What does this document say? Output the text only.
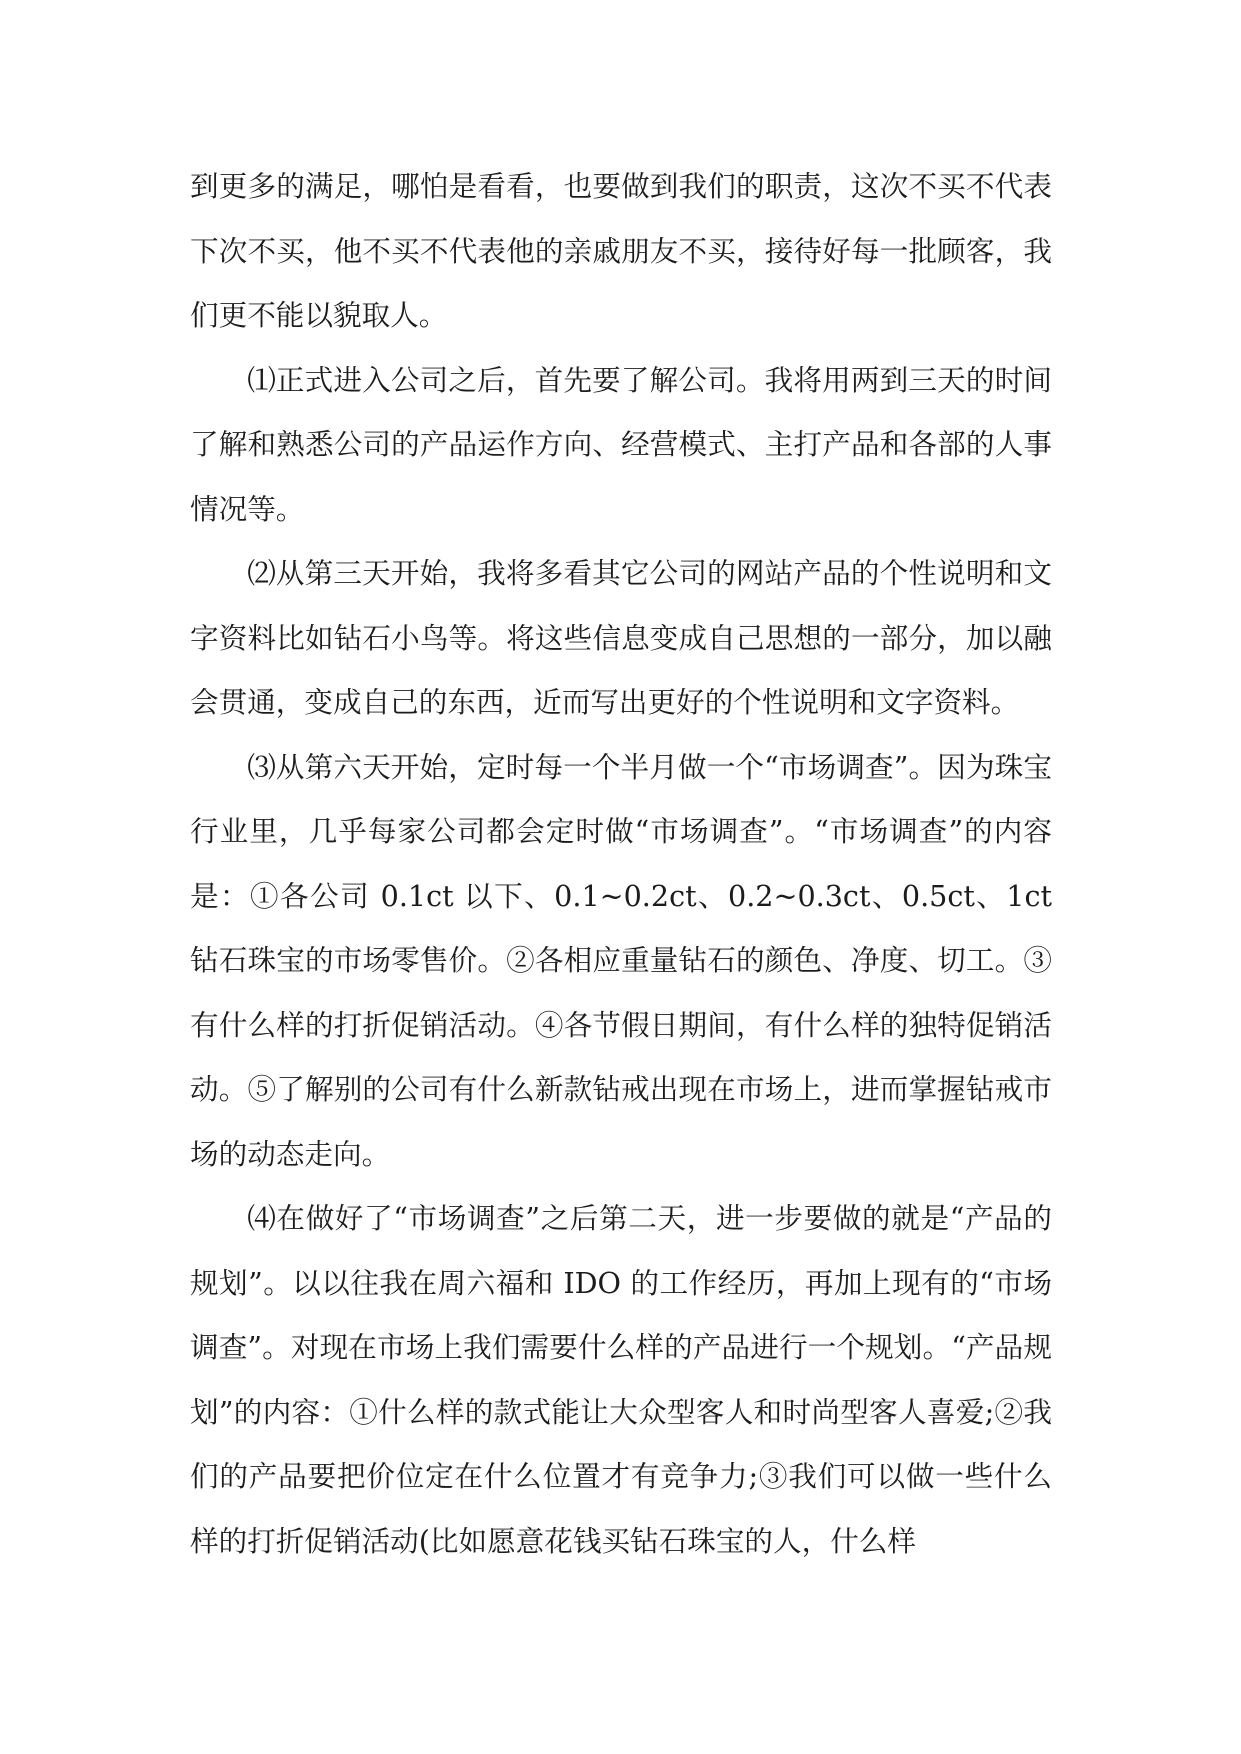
到更多的满足，哪怕是看看，也要做到我们的职责，这次不买不代表下次不买，他不买不代表他的亲戚朋友不买，接待好每一批顾客，我们更不能以貌取人。

⑴正式进入公司之后，首先要了解公司。我将用两到三天的时间了解和熟悉公司的产品运作方向、经营模式、主打产品和各部的人事情况等。

⑵从第三天开始，我将多看其它公司的网站产品的个性说明和文字资料比如钻石小鸟等。将这些信息变成自己思想的一部分，加以融会贯通，变成自己的东西，近而写出更好的个性说明和文字资料。

⑶从第六天开始，定时每一个半月做一个“市场调查”。因为珠宝行业里，几乎每家公司都会定时做“市场调查”。“市场调查”的内容是：①各公司 0.1ct 以下、0.1~0.2ct、0.2~0.3ct、0.5ct、1ct 钻石珠宝的市场零售价。②各相应重量钻石的颜色、净度、切工。③有什么样的打折促销活动。④各节假日期间，有什么样的独特促销活动。⑤了解别的公司有什么新款钻戒出现在市场上，进而掌握钻戒市场的动态走向。

⑷在做好了“市场调查”之后第二天，进一步要做的就是“产品的规划”。以以往我在周六福和 IDO 的工作经历，再加上现有的“市场调查”。对现在市场上我们需要什么样的产品进行一个规划。“产品规划”的内容：①什么样的款式能让大众型客人和时尚型客人喜爱;②我们的产品要把价位定在什么位置才有竞争力;③我们可以做一些什么样的打折促销活动(比如愿意花钱买钻石珠宝的人，什么样
